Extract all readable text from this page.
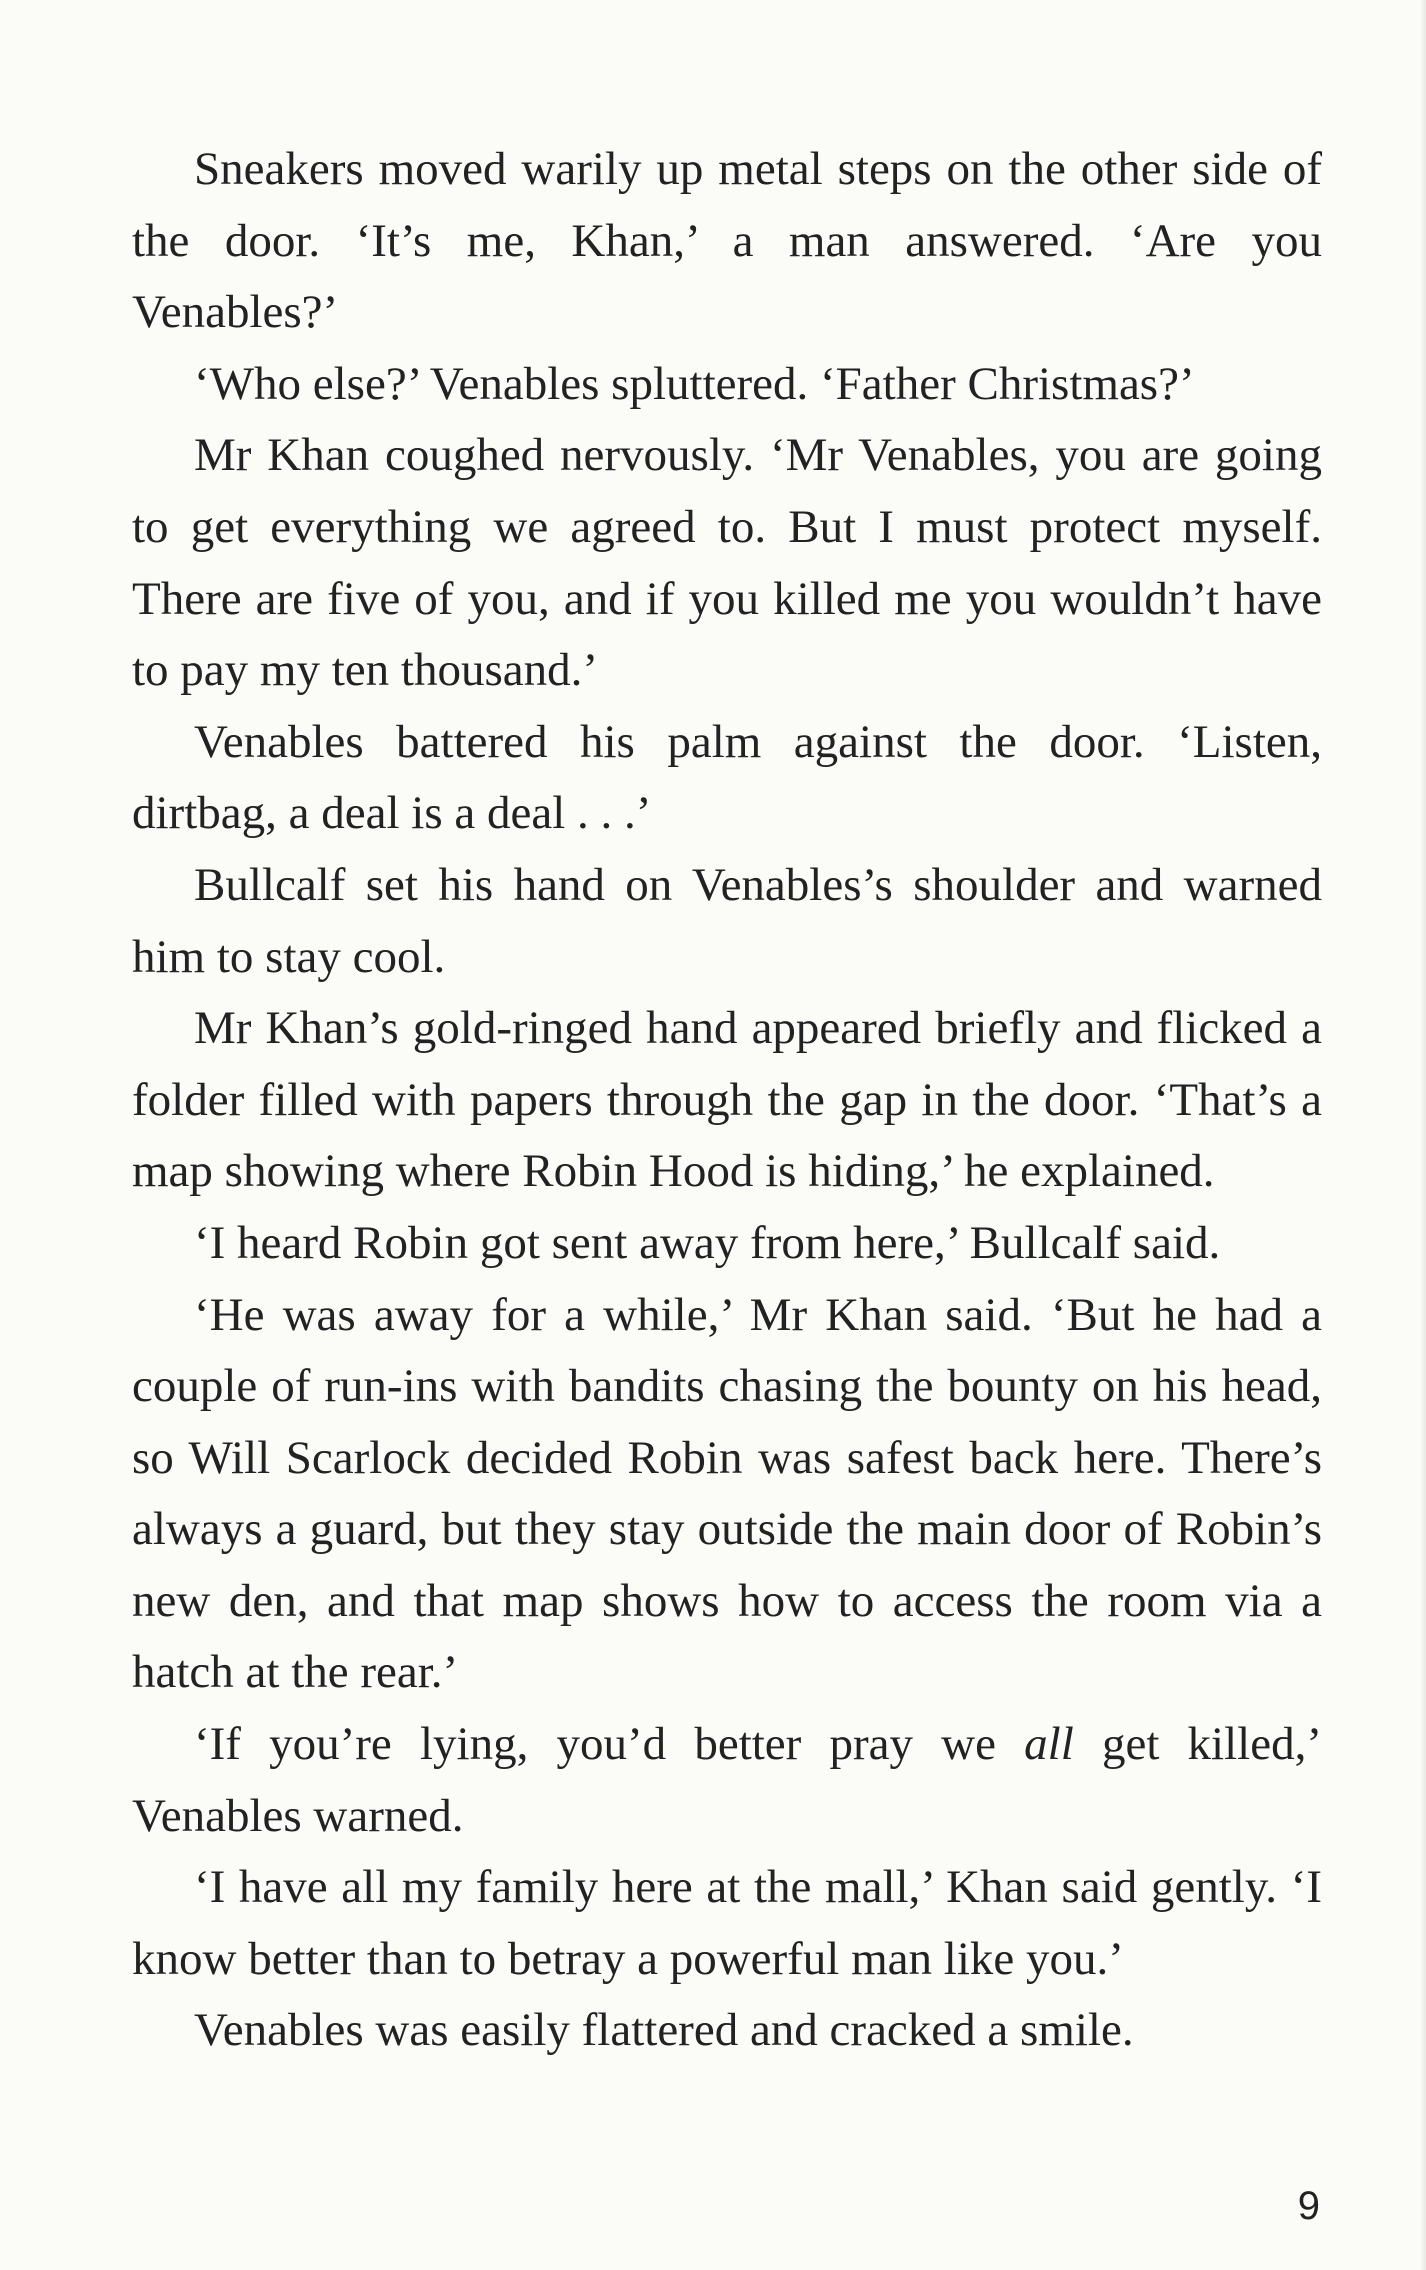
Sneakers moved warily up metal steps on the other side of the door. ‘It’s me, Khan,’ a man answered. ‘Are you Venables?’

‘Who else?’ Venables spluttered. ‘Father Christmas?’

Mr Khan coughed nervously. ‘Mr Venables, you are going to get everything we agreed to. But I must protect myself. There are five of you, and if you killed me you wouldn’t have to pay my ten thousand.’

Venables battered his palm against the door. ‘Listen, dirtbag, a deal is a deal . . .’

Bullcalf set his hand on Venables’s shoulder and warned him to stay cool.

Mr Khan’s gold-ringed hand appeared briefly and flicked a folder filled with papers through the gap in the door. ‘That’s a map showing where Robin Hood is hiding,’ he explained.

‘I heard Robin got sent away from here,’ Bullcalf said.

‘He was away for a while,’ Mr Khan said. ‘But he had a couple of run-ins with bandits chasing the bounty on his head, so Will Scarlock decided Robin was safest back here. There’s always a guard, but they stay outside the main door of Robin’s new den, and that map shows how to access the room via a hatch at the rear.’

‘If you’re lying, you’d better pray we all get killed,’ Venables warned.

‘I have all my family here at the mall,’ Khan said gently. ‘I know better than to betray a powerful man like you.’

Venables was easily flattered and cracked a smile.

9
